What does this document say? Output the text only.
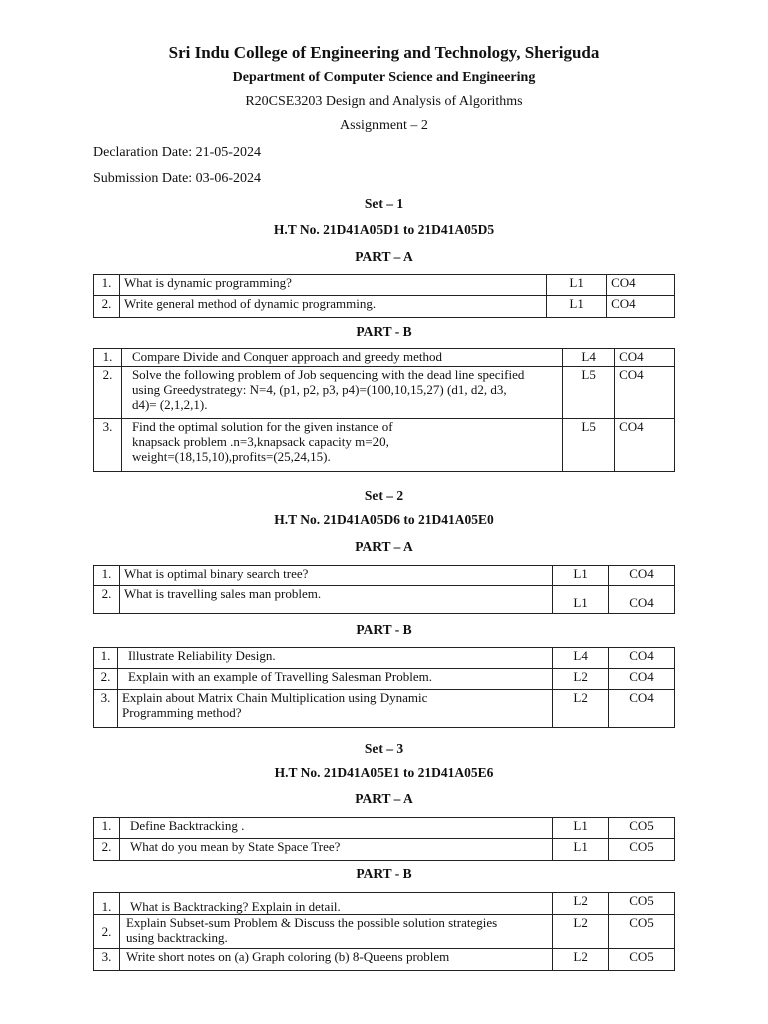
Sri Indu College of Engineering and Technology, Sheriguda
Department of Computer Science and Engineering
R20CSE3203 Design and Analysis of Algorithms
Assignment – 2
Declaration Date: 21-05-2024
Submission Date: 03-06-2024
Set – 1
H.T No. 21D41A05D1 to 21D41A05D5
PART – A
1.	What is dynamic programming?	L1	CO4
2.	Write general method of dynamic programming.	L1	CO4
PART - B
1.	Compare Divide and Conquer approach and greedy method	L4	CO4
2.	Solve the following problem of Job sequencing with the dead line specified using Greedystrategy: N=4, (p1, p2, p3, p4)=(100,10,15,27) (d1, d2, d3, d4)= (2,1,2,1).	L5	CO4
3.	Find the optimal solution for the given instance of knapsack problem .n=3,knapsack capacity m=20, weight=(18,15,10),profits=(25,24,15).	L5	CO4
Set – 2
H.T No. 21D41A05D6 to 21D41A05E0
PART – A
1.	What is optimal binary search tree?	L1	CO4
2.	What is travelling sales man problem.	L1	CO4
PART - B
1.	Illustrate Reliability Design.	L4	CO4
2.	Explain with an example of Travelling Salesman Problem.	L2	CO4
3.	Explain about Matrix Chain Multiplication using Dynamic Programming method?	L2	CO4
Set – 3
H.T No. 21D41A05E1 to 21D41A05E6
PART – A
1.	Define Backtracking .	L1	CO5
2.	What do you mean by State Space Tree?	L1	CO5
PART - B
1.	What is Backtracking? Explain in detail.	L2	CO5
2.	Explain Subset-sum Problem & Discuss the possible solution strategies using backtracking.	L2	CO5
3.	Write short notes on (a) Graph coloring (b) 8-Queens problem	L2	CO5
